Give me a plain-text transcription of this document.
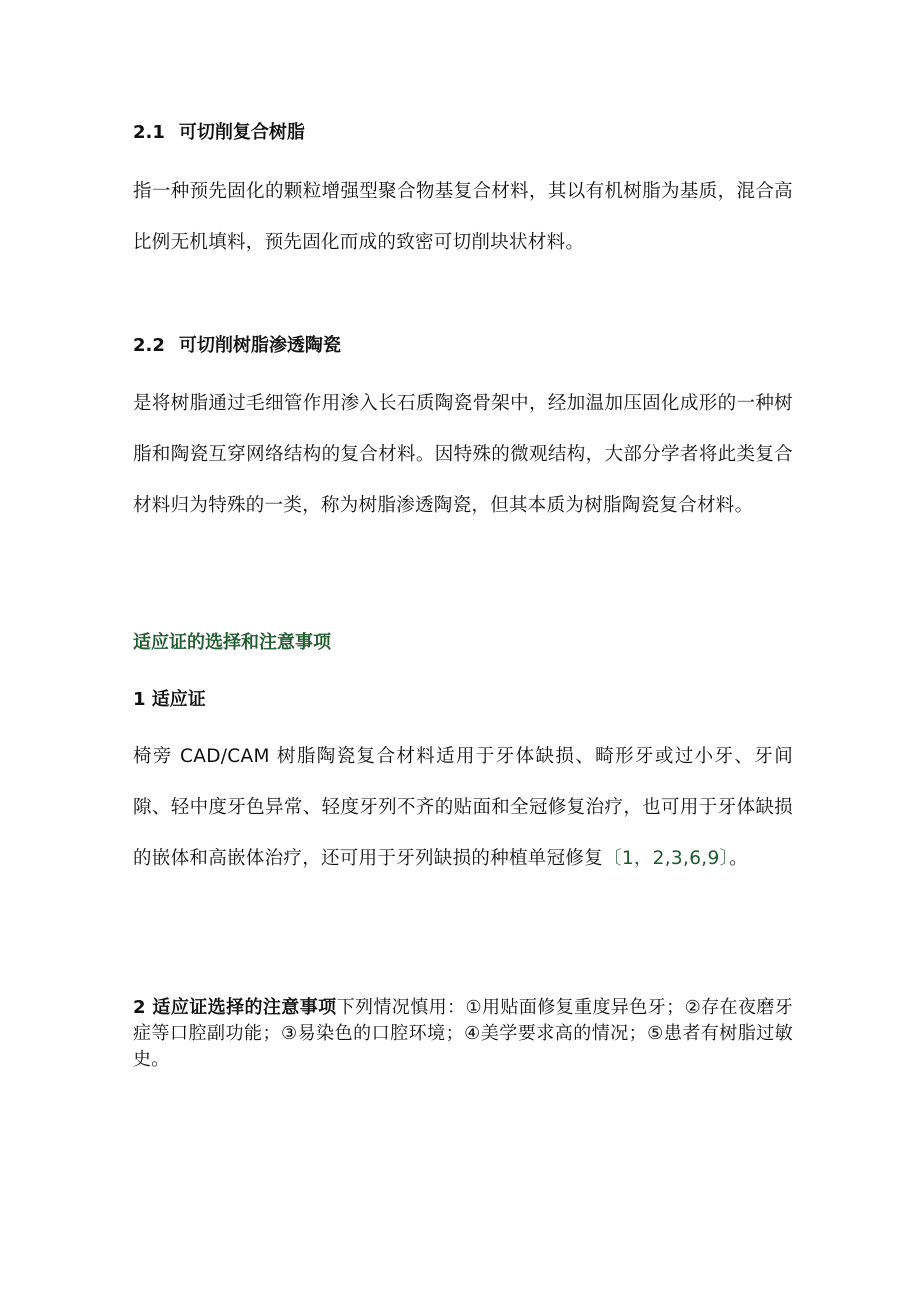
2.1 可切削复合树脂
指一种预先固化的颗粒增强型聚合物基复合材料，其以有机树脂为基质，混合高比例无机填料，预先固化而成的致密可切削块状材料。
2.2 可切削树脂渗透陶瓷
是将树脂通过毛细管作用渗入长石质陶瓷骨架中，经加温加压固化成形的一种树脂和陶瓷互穿网络结构的复合材料。因特殊的微观结构，大部分学者将此类复合材料归为特殊的一类，称为树脂渗透陶瓷，但其本质为树脂陶瓷复合材料。
适应证的选择和注意事项
1 适应证
椅旁 CAD/CAM 树脂陶瓷复合材料适用于牙体缺损、畸形牙或过小牙、牙间隙、轻中度牙色异常、轻度牙列不齐的贴面和全冠修复治疗，也可用于牙体缺损的嵌体和高嵌体治疗，还可用于牙列缺损的种植单冠修复〔1，2,3,6,9〕。
2 适应证选择的注意事项下列情况慎用：①用贴面修复重度异色牙；②存在夜磨牙症等口腔副功能；③易染色的口腔环境；④美学要求高的情况；⑤患者有树脂过敏史。
